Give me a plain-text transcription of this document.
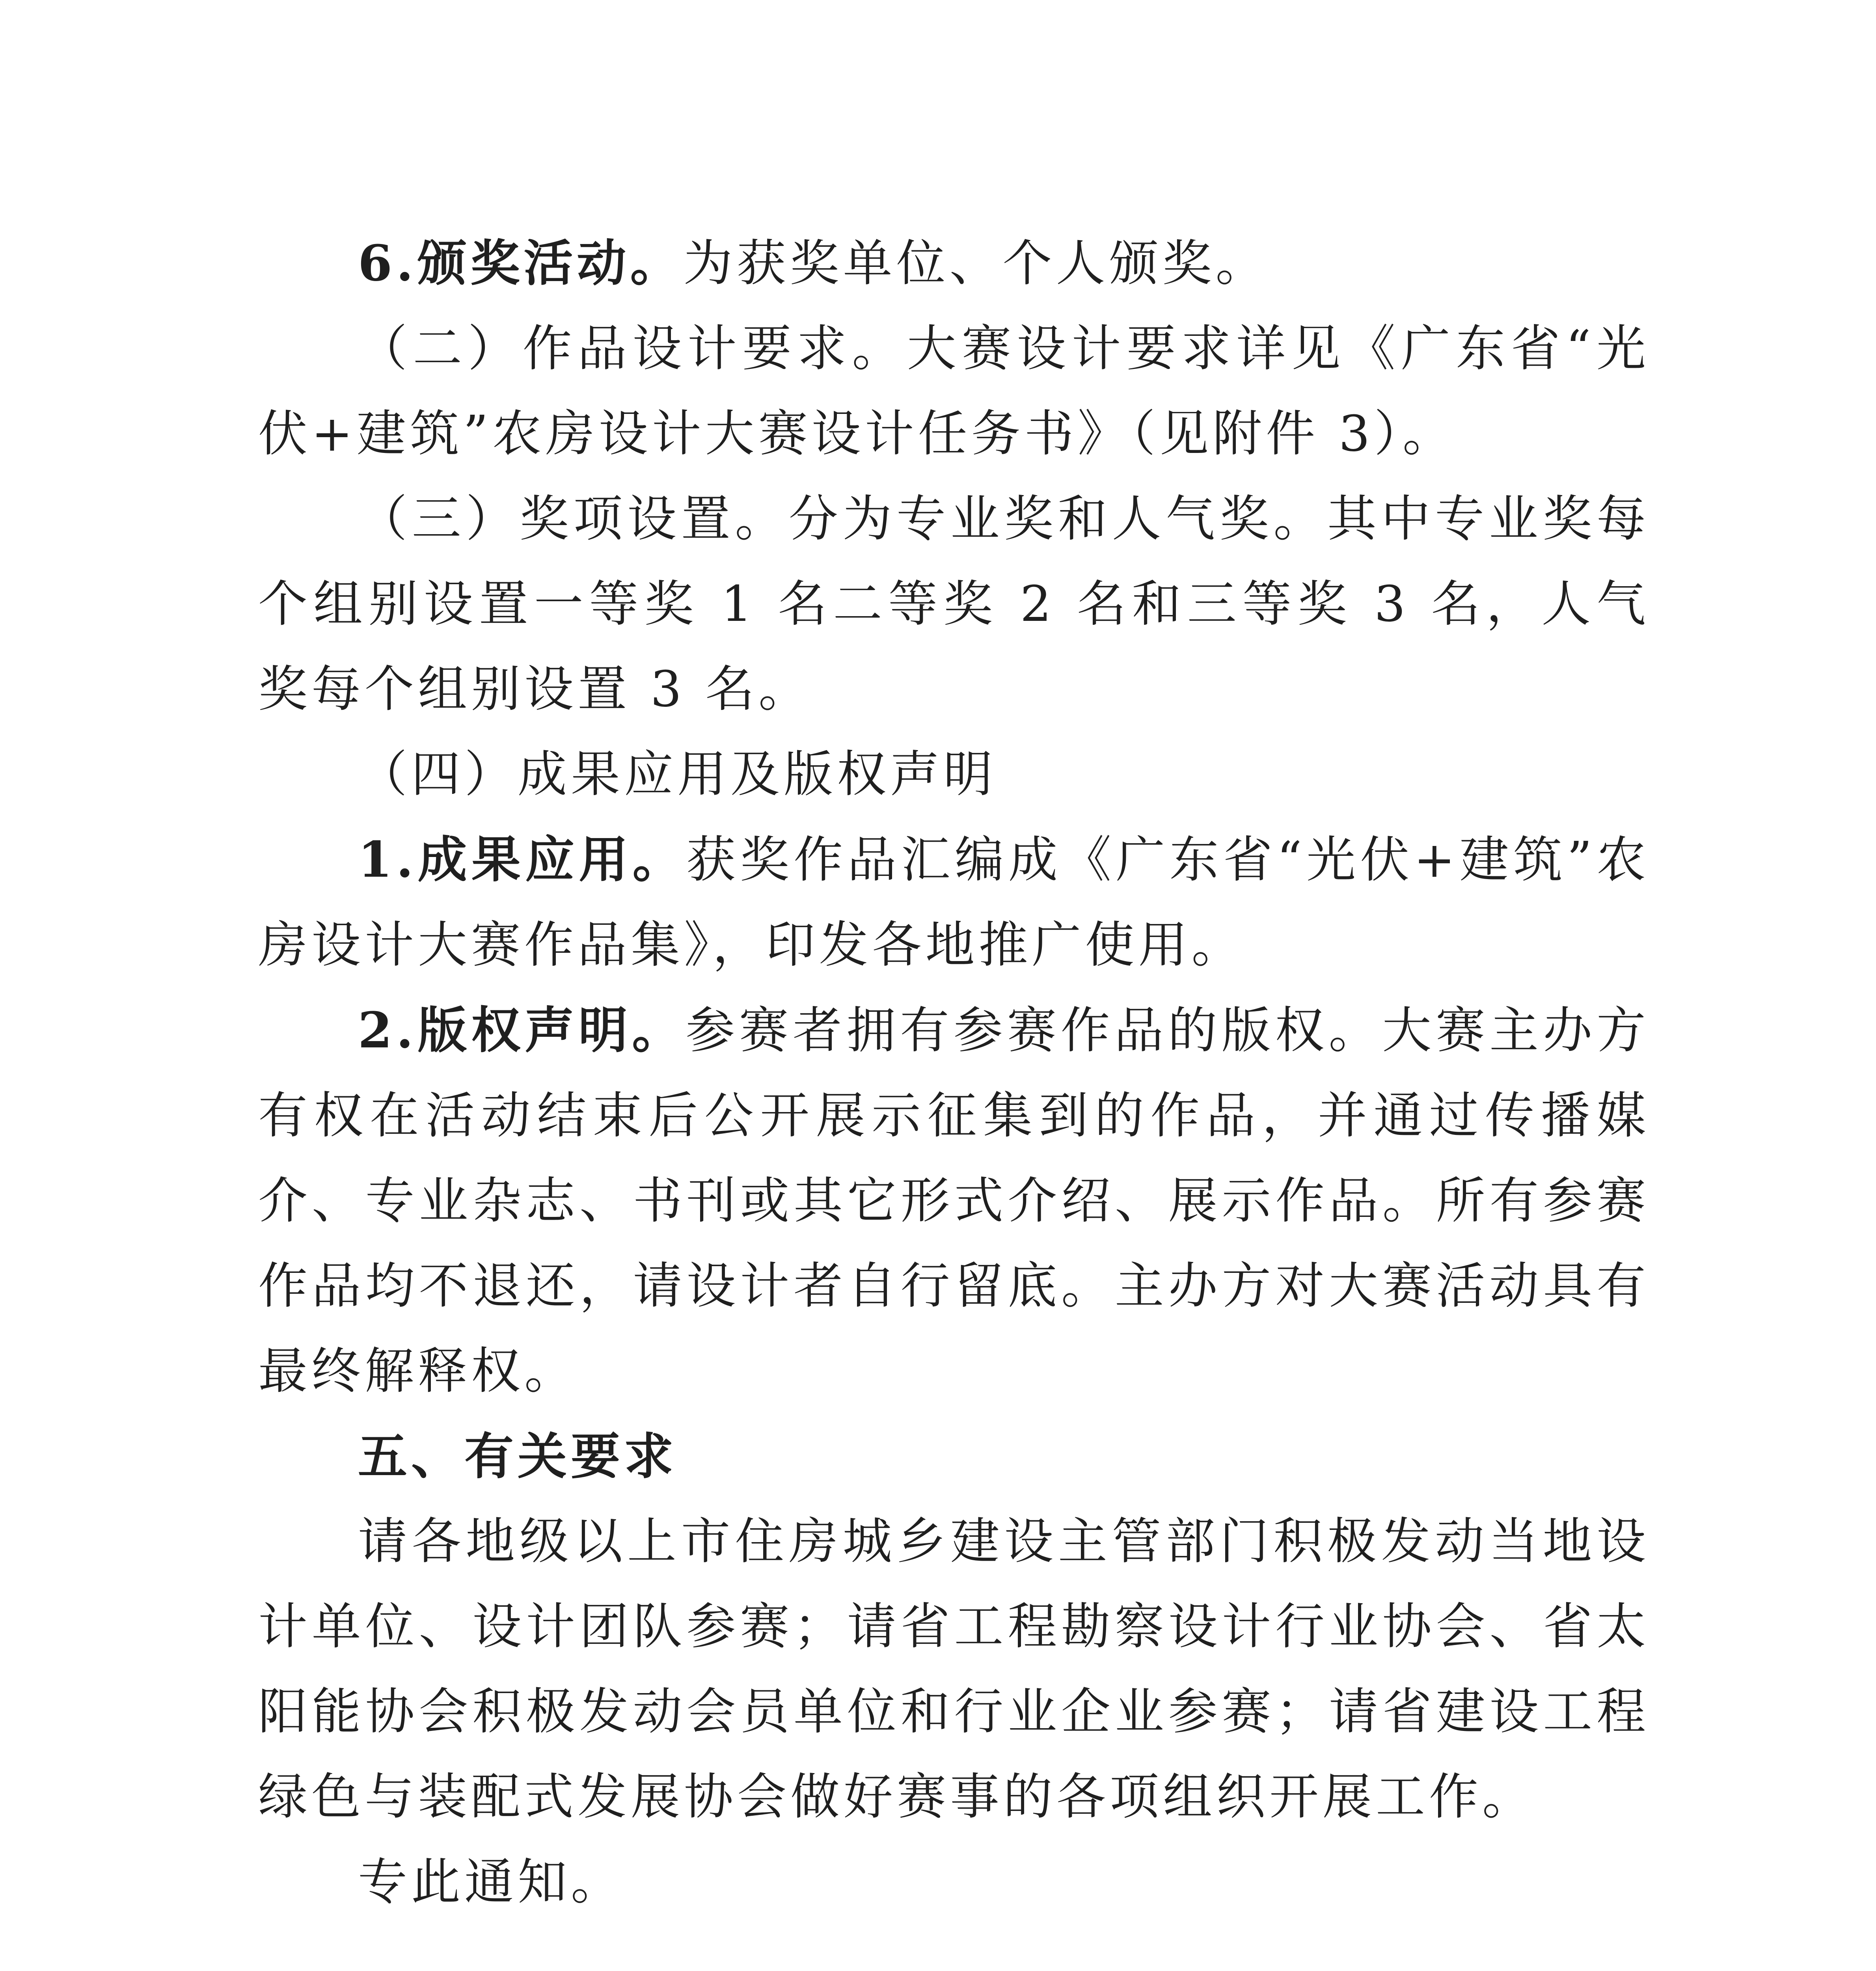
6.颁奖活动。为获奖单位、个人颁奖。

（二）作品设计要求。大赛设计要求详见《广东省“光伏+建筑”农房设计大赛设计任务书》（见附件 3）。

（三）奖项设置。分为专业奖和人气奖。其中专业奖每个组别设置一等奖 1 名二等奖 2 名和三等奖 3 名，人气奖每个组别设置 3 名。

（四）成果应用及版权声明

1.成果应用。获奖作品汇编成《广东省“光伏+建筑”农房设计大赛作品集》，印发各地推广使用。

2.版权声明。参赛者拥有参赛作品的版权。大赛主办方有权在活动结束后公开展示征集到的作品，并通过传播媒介、专业杂志、书刊或其它形式介绍、展示作品。所有参赛作品均不退还，请设计者自行留底。主办方对大赛活动具有最终解释权。

五、有关要求

请各地级以上市住房城乡建设主管部门积极发动当地设计单位、设计团队参赛；请省工程勘察设计行业协会、省太阳能协会积极发动会员单位和行业企业参赛；请省建设工程绿色与装配式发展协会做好赛事的各项组织开展工作。

专此通知。
